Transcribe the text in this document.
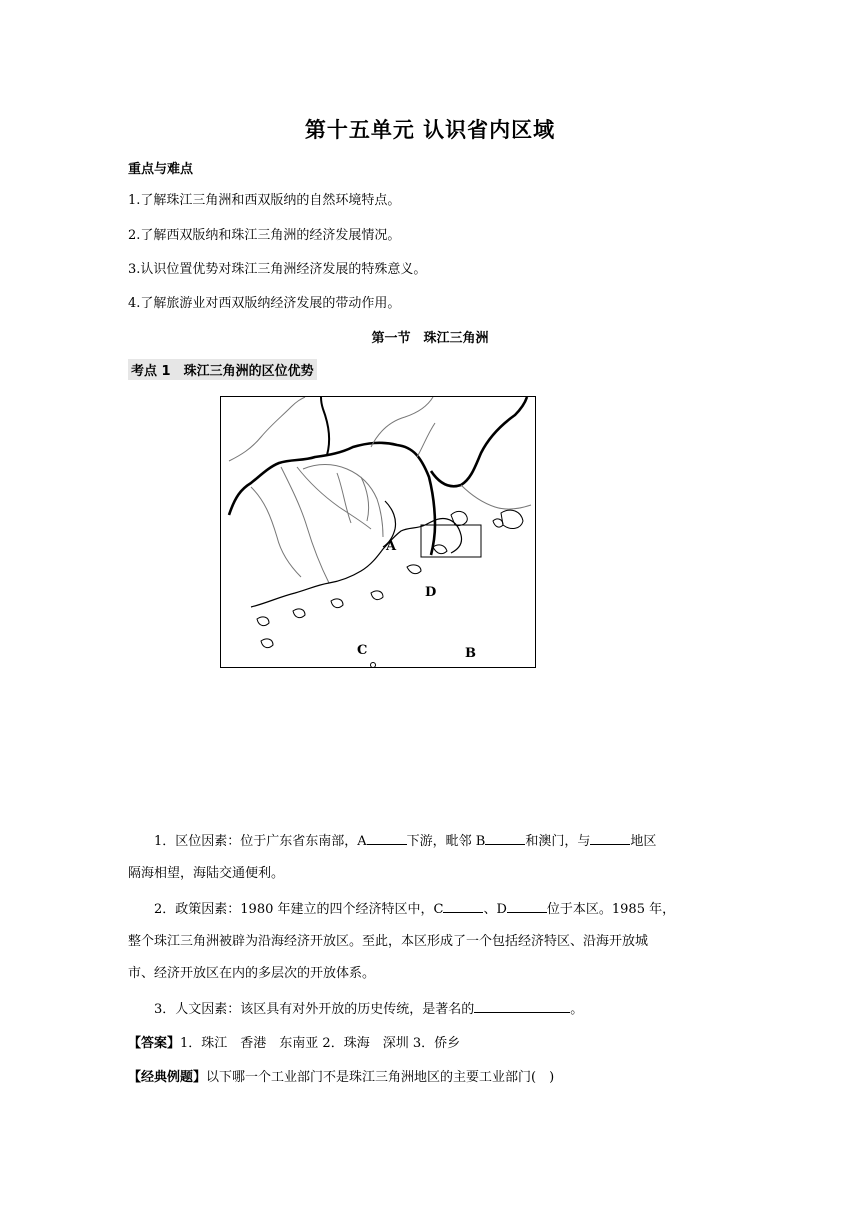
第十五单元 认识省内区域
重点与难点
1.了解珠江三角洲和西双版纳的自然环境特点。
2.了解西双版纳和珠江三角洲的经济发展情况。
3.认识位置优势对珠江三角洲经济发展的特殊意义。
4.了解旅游业对西双版纳经济发展的带动作用。
第一节　珠江三角洲
考点 1　珠江三角洲的区位优势
A
D
C	B
1．区位因素：位于广东省东南部，A	下游，毗邻 B	和澳门，与	地区
隔海相望，海陆交通便利。
2．政策因素：1980 年建立的四个经济特区中，C	、D	位于本区。1985 年，
整个珠江三角洲被辟为沿海经济开放区。至此，本区形成了一个包括经济特区、沿海开放城
市、经济开放区在内的多层次的开放体系。
3．人文因素：该区具有对外开放的历史传统，是著名的	。
【答案】1．珠江　香港　东南亚 2．珠海　深圳 3．侨乡
【经典例题】以下哪一个工业部门不是珠江三角洲地区的主要工业部门(　)
